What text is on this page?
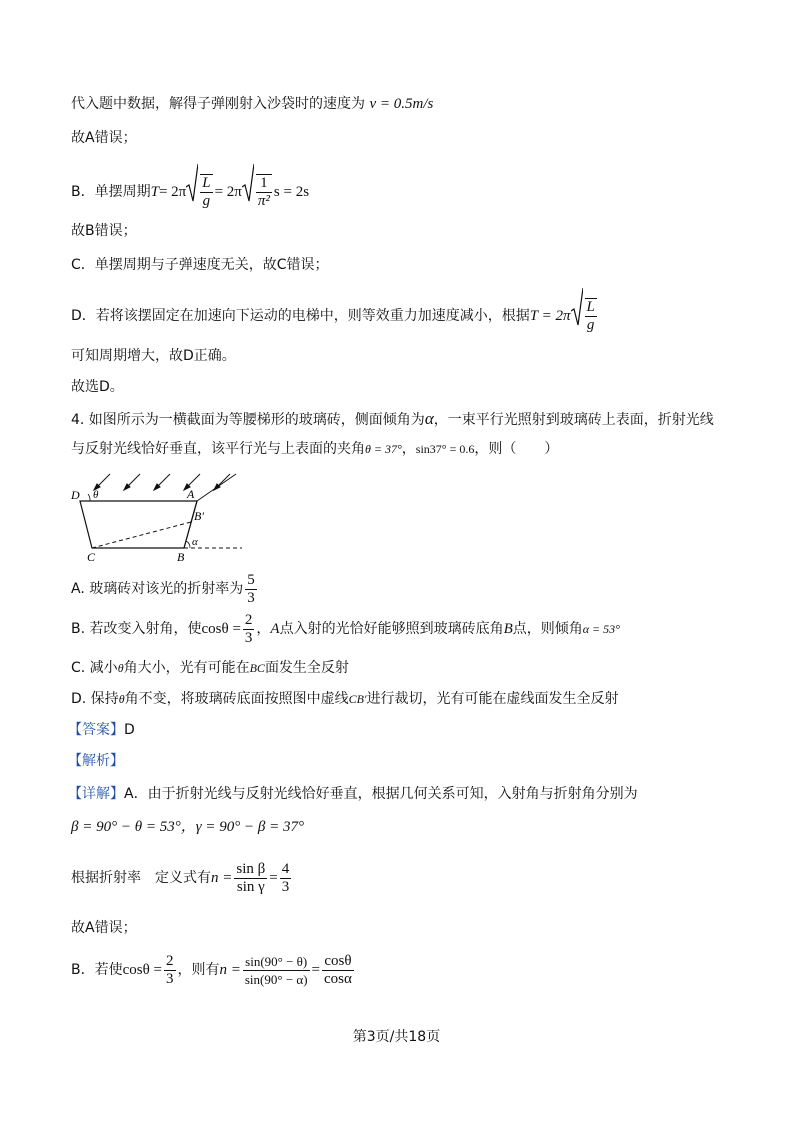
代入题中数据，解得子弹刚射入沙袋时的速度为 v = 0.5m/s
故A错误；
B．单摆周期$T= 2\pi \frac{L}{g} = 2\pi \frac{1}{\text{π²}}$ s = 2s
故B错误；
C．单摆周期与子弹速度无关，故C错误；
D．若将该摆固定在加速向下运动的电梯中，则等效重力加速度减小，根据$T = 2\pi \frac{L}{g}$
可知周期增大，故D正确。
故选D。
4. 如图所示为一横截面为等腰梯形的玻璃砖，侧面倾角为α，一束平行光照射到玻璃砖上表面，折射光线
与反射光线恰好垂直，该平行光与上表面的夹角θ = 37°，sin37° = 0.6，则（　　）
D θ	A
B′
α
C	B
A. 玻璃砖对该光的折射率为 $\frac{5}{3}$
B. 若改变入射角，使$\cos\theta = \frac{2}{3}$ ，A点入射的光恰好能够照到玻璃砖底角B点，则倾角α = 53°
C. 减小θ角大小，光有可能在BC面发生全反射
D. 保持θ角不变，将玻璃砖底面按照图中虚线CB′进行裁切，光有可能在虚线面发生全反射
【答案】D
【解析】
【详解】A．由于折射光线与反射光线恰好垂直，根据几何关系可知，入射角与折射角分别为
β = 90° − θ = 53°，γ = 90° − β = 37°
根据折射率　定义式有$n = \frac{\text{sin β}}{\text{sin γ}} = \frac{4}{3}$
故A错误；
B．若使$\cos\theta = \frac{2}{3}$ ，则有$n = \frac{\sin(90^\circ - \theta)}{\sin(90^\circ - \alpha)} = \frac{\cos\theta}{\cos\alpha}$
第3页/共18页
